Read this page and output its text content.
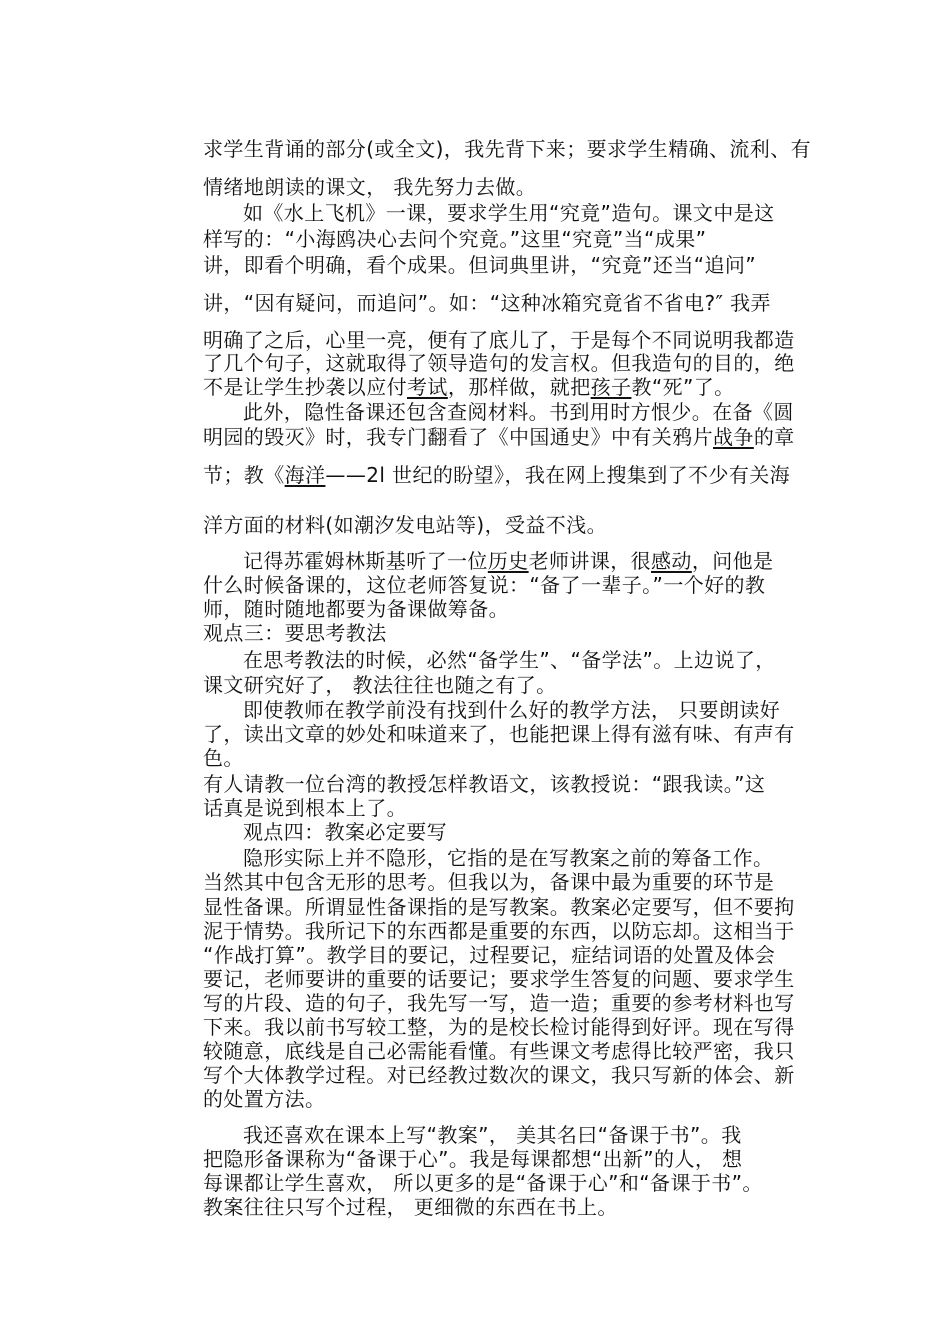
求学生背诵的部分(或全文)，我先背下来；要求学生精确、流利、有
情绪地朗读的课文， 我先努力去做。
如《水上飞机》一课，要求学生用“究竟”造句。课文中是这
样写的：“小海鸥决心去问个究竟。”这里“究竟”当“成果”
讲，即看个明确，看个成果。但词典里讲，“究竟”还当“追问”
讲，“因有疑问，而追问”。如：“这种冰箱究竟省不省电?″ 我弄
明确了之后，心里一亮，便有了底儿了，于是每个不同说明我都造
了几个句子，这就取得了领导造句的发言权。但我造句的目的，绝
不是让学生抄袭以应付考试，那样做，就把孩子教“死”了。
此外，隐性备课还包含查阅材料。书到用时方恨少。在备《圆
明园的毁灭》时，我专门翻看了《中国通史》中有关鸦片战争的章
节；教《海洋——2l 世纪的盼望》，我在网上搜集到了不少有关海
洋方面的材料(如潮汐发电站等)，受益不浅。
记得苏霍姆林斯基听了一位历史老师讲课，很感动，问他是
什么时候备课的，这位老师答复说：“备了一辈子。”一个好的教
师，随时随地都要为备课做筹备。
观点三：要思考教法
在思考教法的时候，必然“备学生”、“备学法”。上边说了，
课文研究好了， 教法往往也随之有了。
即使教师在教学前没有找到什么好的教学方法， 只要朗读好
了，读出文章的妙处和味道来了，也能把课上得有滋有味、有声有
色。
有人请教一位台湾的教授怎样教语文，该教授说：“跟我读。”这
话真是说到根本上了。
观点四：教案必定要写
隐形实际上并不隐形，它指的是在写教案之前的筹备工作。
当然其中包含无形的思考。但我以为，备课中最为重要的环节是
显性备课。所谓显性备课指的是写教案。教案必定要写，但不要拘
泥于情势。我所记下的东西都是重要的东西，以防忘却。这相当于
“作战打算”。教学目的要记，过程要记，症结词语的处置及体会
要记，老师要讲的重要的话要记；要求学生答复的问题、要求学生
写的片段、造的句子，我先写一写，造一造；重要的参考材料也写
下来。我以前书写较工整，为的是校长检讨能得到好评。现在写得
较随意，底线是自己必需能看懂。有些课文考虑得比较严密，我只
写个大体教学过程。对已经教过数次的课文，我只写新的体会、新
的处置方法。
我还喜欢在课本上写“教案”， 美其名曰“备课于书”。我
把隐形备课称为“备课于心”。我是每课都想“出新”的人， 想
每课都让学生喜欢， 所以更多的是“备课于心”和“备课于书”。
教案往往只写个过程， 更细微的东西在书上。
